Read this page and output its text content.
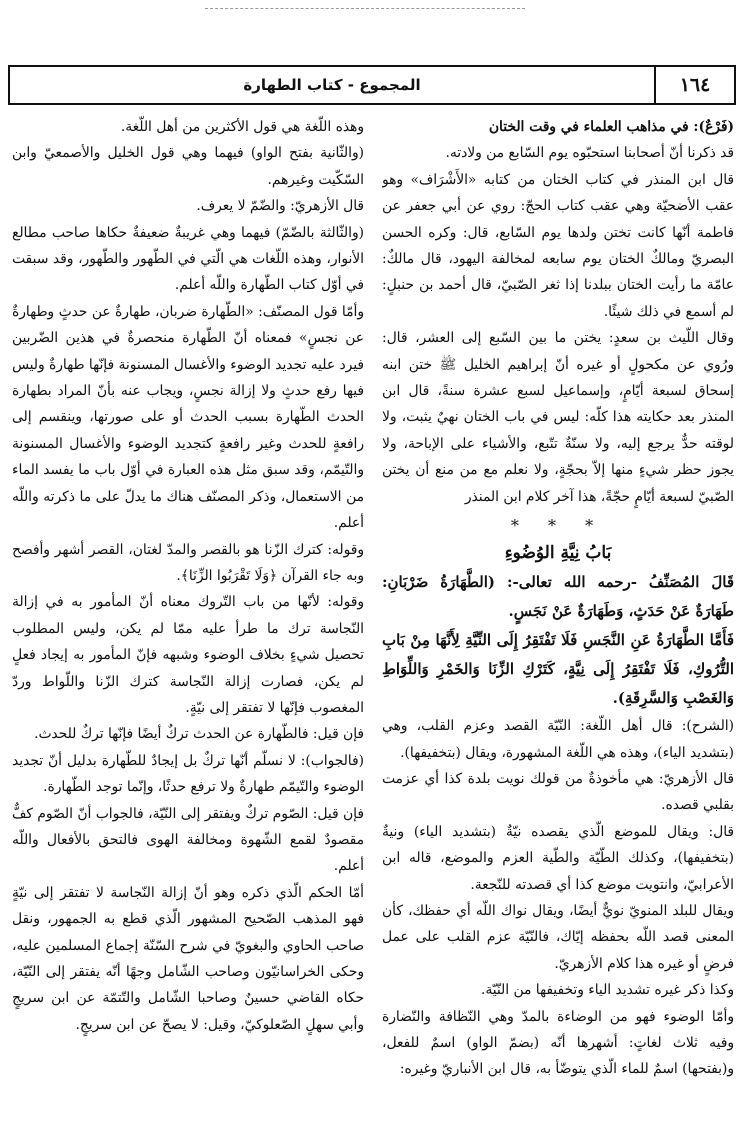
١٦٤
المجموع - كتاب الطهارة

(فَرْعٌ): في مذاهب العلماء في وقت الختان

قد ذكرنا أنّ أصحابنا استحبّوه يوم السّابع من ولادته.

قال ابن المنذر في كتاب الختان من كتابه «الأَشْرَاف» وهو عقب الأضحيّة وهي عقب كتاب الحجّ: روي عن أبي جعفر عن فاطمة أنّها كانت تختن ولدها يوم السّابع، قال: وكره الحسن البصريّ ومالكٌ الختان يوم سابعه لمخالفة اليهود، قال مالكٌ: عامّة ما رأيت الختان ببلدنا إذا ثغر الصّبيّ، قال أحمد بن حنبلٍ: لم أسمع في ذلك شيئًا.

وقال اللّيث بن سعدٍ: يختن ما بين السّبع إلى العشر، قال: ورُوي عن مكحولٍ أو غيره أنّ إبراهيم الخليل ﷺ ختن ابنه إسحاق لسبعة أيّامٍ، وإسماعيل لسبع عشرة سنةً، قال ابن المنذر بعد حكايته هذا كلّه: ليس في باب الختان نهيٌ يثبت، ولا لوقته حدٌّ يرجع إليه، ولا سنّةٌ تتّبع، والأشياء على الإباحة، ولا يجوز حظر شيءٍ منها إلاّ بحجّةٍ، ولا نعلم مع من منع أن يختن الصّبيّ لسبعة أيّامٍ حجّةً، هذا آخر كلام ابن المنذر

* * *
بَابُ نِيَّةِ الوُضُوءِ

قَالَ المُصَنِّفُ -رحمه الله تعالى-: (الطَّهَارَةُ ضَرْبَانِ: طَهَارَةٌ عَنْ حَدَثٍ، وَطَهَارَةٌ عَنْ نَجَسٍ.

فَأَمَّا الطَّهَارَةُ عَنِ النَّجَسِ فَلَا تَفْتَقِرُ إِلَى النِّيَّةِ لِأَنَّهَا مِنْ بَابِ التُّرُوكِ، فَلَا تَفْتَقِرُ إِلَى نِيَّةٍ، كَتَرْكِ الزِّنَا وَالخَمْرِ وَاللِّوَاطِ وَالغَصْبِ وَالسَّرِقَةِ).

(الشرح): قال أهل اللّغة: النّيّة القصد وعزم القلب، وهي (بتشديد الياء)، وهذه هي اللّغة المشهورة، ويقال (بتخفيفها).

قال الأزهريّ: هي مأخوذةٌ من قولك نويت بلدة كذا أي عزمت بقلبي قصده.

قال: ويقال للموضع الّذي يقصده نيّةٌ (بتشديد الياء) ونيةٌ (بتخفيفها)، وكذلك الطّيّة والطّية العزم والموضع، قاله ابن الأعرابيّ، وانتويت موضع كذا أي قصدته للنّجعة.

ويقال للبلد المنويّ نويٌّ أيضًا، ويقال نواك اللّه أي حفظك، كأن المعنى قصد اللّه بحفظه إيّاك، فالنّيّة عزم القلب على عمل فرضٍ أو غيره هذا كلام الأزهريّ.

وكذا ذكر غيره تشديد الياء وتخفيفها من النّيّة.

وأمّا الوضوء فهو من الوضاءة بالمدّ وهي النّظافة والنّضارة وفيه ثلاث لغاتٍ: أشهرها أنّه (بضمّ الواو) اسمٌ للفعل، و(بفتحها) اسمٌ للماء الّذي يتوضّأ به، قال ابن الأنباريّ وغيره:

وهذه اللّغة هي قول الأكثرين من أهل اللّغة.

(والثّانية بفتح الواو) فيهما وهي قول الخليل والأصمعيّ وابن السّكّيت وغيرهم.

قال الأزهريّ: والضّمّ لا يعرف.

(والثّالثة بالضّمّ) فيهما وهي غريبةٌ ضعيفةٌ حكاها صاحب مطالع الأنوار، وهذه اللّغات هي الّتي في الطّهور والطّهور، وقد سبقت في أوّل كتاب الطّهارة واللّه أعلم.

وأمّا قول المصنّف: «الطّهارة ضربان، طهارةٌ عن حدثٍ وطهارةٌ عن نجسٍ» فمعناه أنّ الطّهارة منحصرةٌ في هذين الضّربين فيرد عليه تجديد الوضوء والأغسال المسنونة فإنّها طهارةٌ وليس فيها رفع حدثٍ ولا إزالة نجسٍ، ويجاب عنه بأنّ المراد بطهارة الحدث الطّهارة بسبب الحدث أو على صورتها، وينقسم إلى رافعةٍ للحدث وغير رافعةٍ كتجديد الوضوء والأغسال المسنونة والتّيمّم، وقد سبق مثل هذه العبارة في أوّل باب ما يفسد الماء من الاستعمال، وذكر المصنّف هناك ما يدلّ على ما ذكرته واللّه أعلم.

وقوله: كترك الزّنا هو بالقصر والمدّ لغتان، القصر أشهر وأفصح وبه جاء القرآن ﴿وَلَا تَقْرَبُوا الزِّنَا﴾.

وقوله: لأنّها من باب التّروك معناه أنّ المأمور به في إزالة النّجاسة ترك ما طرأ عليه ممّا لم يكن، وليس المطلوب تحصيل شيءٍ بخلاف الوضوء وشبهه فإنّ المأمور به إيجاد فعلٍ لم يكن، فصارت إزالة النّجاسة كترك الزّنا واللّواط وردّ المغصوب فإنّها لا تفتقر إلى نيّةٍ.

فإن قيل: فالطّهارة عن الحدث تركٌ أيضًا فإنّها تركٌ للحدث.

(فالجواب): لا نسلّم أنّها تركٌ بل إيجادٌ للطّهارة بدليل أنّ تجديد الوضوء والتّيمّم طهارةٌ ولا ترفع حدثًا، وإنّما توجد الطّهارة.

فإن قيل: الصّوم تركٌ ويفتقر إلى النّيّة، فالجواب أنّ الصّوم كفٌّ مقصودٌ لقمع الشّهوة ومخالفة الهوى فالتحق بالأفعال واللّه أعلم.

أمّا الحكم الّذي ذكره وهو أنّ إزالة النّجاسة لا تفتقر إلى نيّةٍ فهو المذهب الصّحيح المشهور الّذي قطع به الجمهور، ونقل صاحب الحاوي والبغويّ في شرح السّنّة إجماع المسلمين عليه، وحكى الخراسانيّون وصاحب الشّامل وجهًا أنّه يفتقر إلى النّيّة، حكاه القاضي حسينٌ وصاحبا الشّامل والتّتمّة عن ابن سريجٍ وأبي سهلٍ الصّعلوكيّ، وقيل: لا يصحّ عن ابن سريجٍ.
